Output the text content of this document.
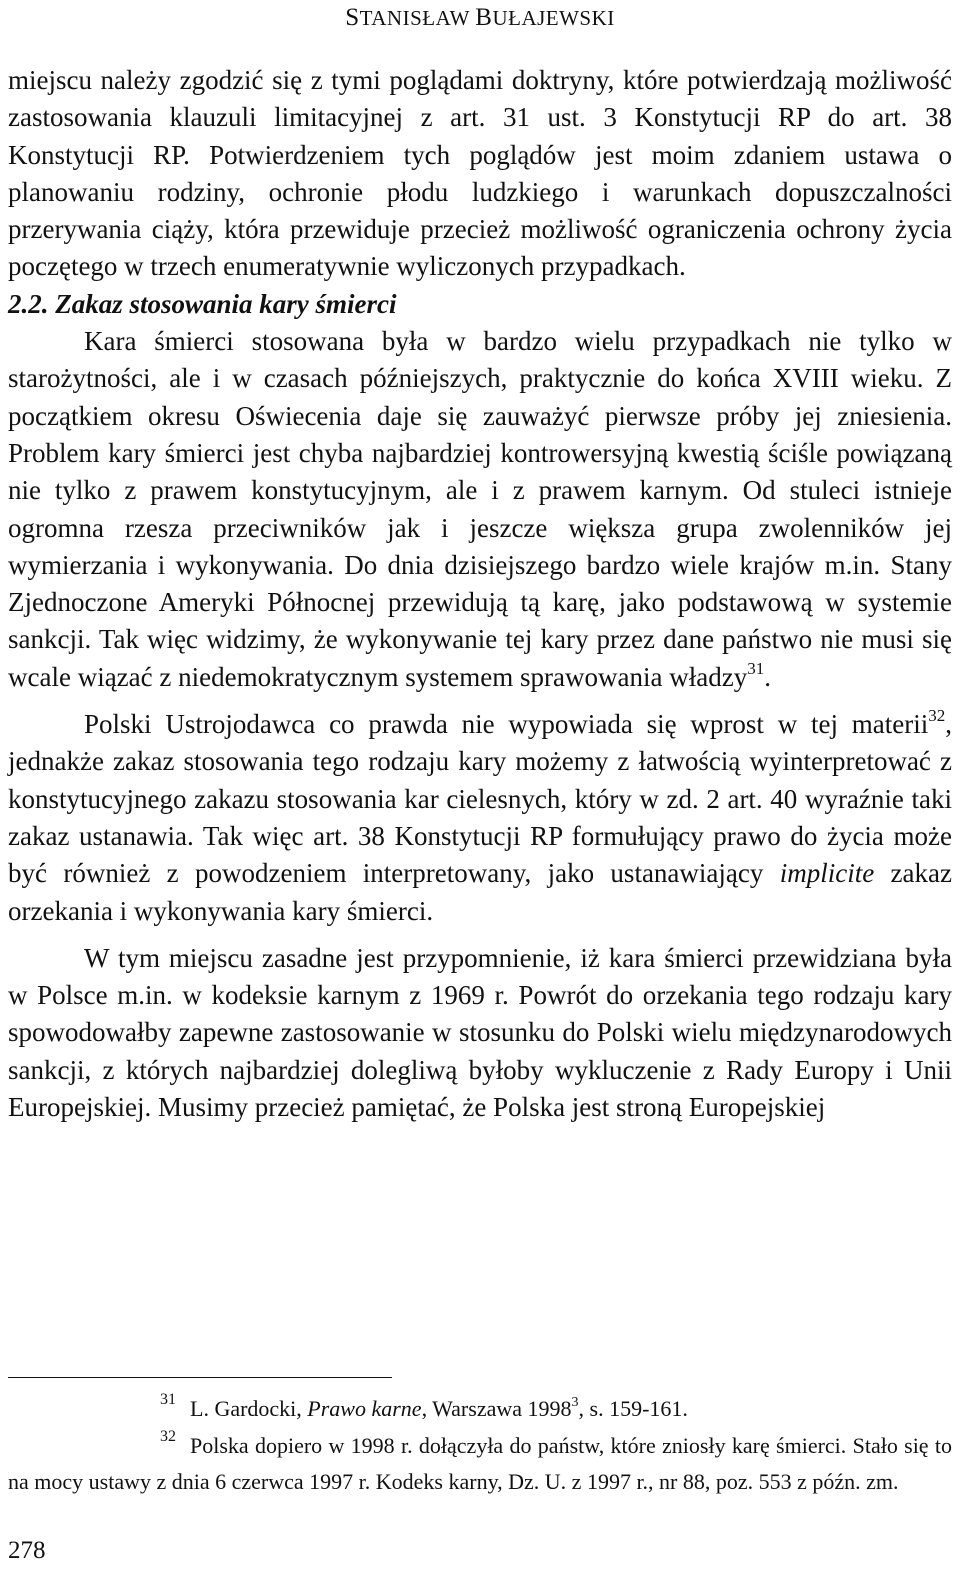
STANISŁAW BUŁAJEWSKI

miejscu należy zgodzić się z tymi poglądami doktryny, które potwierdzają możliwość zastosowania klauzuli limitacyjnej z art. 31 ust. 3 Konstytucji RP do art. 38 Konstytucji RP. Potwierdzeniem tych poglądów jest moim zdaniem ustawa o planowaniu rodziny, ochronie płodu ludzkiego i warunkach dopuszczalności przerywania ciąży, która przewiduje przecież możliwość ograniczenia ochrony życia poczętego w trzech enumeratywnie wyliczonych przypadkach.

2.2. Zakaz stosowania kary śmierci

Kara śmierci stosowana była w bardzo wielu przypadkach nie tylko w starożytności, ale i w czasach późniejszych, praktycznie do końca XVIII wieku. Z początkiem okresu Oświecenia daje się zauważyć pierwsze próby jej zniesienia. Problem kary śmierci jest chyba najbardziej kontrowersyjną kwestią ściśle powiązaną nie tylko z prawem konstytucyjnym, ale i z prawem karnym. Od stuleci istnieje ogromna rzesza przeciwników jak i jeszcze większa grupa zwolenników jej wymierzania i wykonywania. Do dnia dzisiejszego bardzo wiele krajów m.in. Stany Zjednoczone Ameryki Północnej przewidują tą karę, jako podstawową w systemie sankcji. Tak więc widzimy, że wykonywanie tej kary przez dane państwo nie musi się wcale wiązać z niedemokratycznym systemem sprawowania władzy$^{31}$.

Polski Ustrojodawca co prawda nie wypowiada się wprost w tej materii$^{32}$, jednakże zakaz stosowania tego rodzaju kary możemy z łatwością wyinterpretować z konstytucyjnego zakazu stosowania kar cielesnych, który w zd. 2 art. 40 wyraźnie taki zakaz ustanawia. Tak więc art. 38 Konstytucji RP formułujący prawo do życia może być również z powodzeniem interpretowany, jako ustanawiający implicite zakaz orzekania i wykonywania kary śmierci.

W tym miejscu zasadne jest przypomnienie, iż kara śmierci przewidziana była w Polsce m.in. w kodeksie karnym z 1969 r. Powrót do orzekania tego rodzaju kary spowodowałby zapewne zastosowanie w stosunku do Polski wielu międzynarodowych sankcji, z których najbardziej dolegliwą byłoby wykluczenie z Rady Europy i Unii Europejskiej. Musimy przecież pamiętać, że Polska jest stroną Europejskiej

31 L. Gardocki, Prawo karne, Warszawa 1998$^3$, s. 159-161.

32 Polska dopiero w 1998 r. dołączyła do państw, które zniosły karę śmierci. Stało się to na mocy ustawy z dnia 6 czerwca 1997 r. Kodeks karny, Dz. U. z 1997 r., nr 88, poz. 553 z późn. zm.

278
